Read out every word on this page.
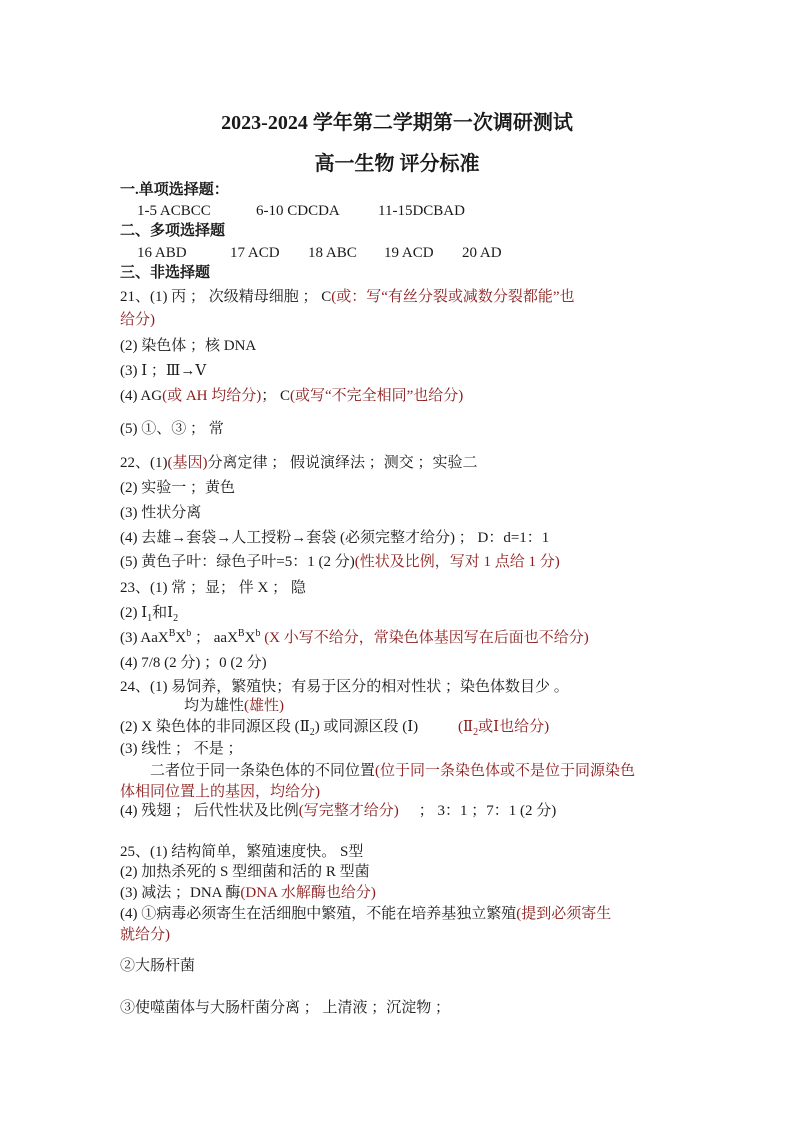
2023-2024 学年第二学期第一次调研测试
高一生物 评分标准
一.单项选择题：
1-5 ACBCC	6-10 CDCDA	11-15DCBAD
二、多项选择题
16 ABD	17 ACD 18 ABC 19 ACD 20 AD
三、非选择题
21、(1) 丙 ； 次级精母细胞 ； C(或：写“有丝分裂或减数分裂都能”也
给分)
(2) 染色体 ；核 DNA
(3) Ⅰ ；Ⅲ→Ⅴ
(4) AG(或 AH 均给分)； C(或写“不完全相同”也给分)
(5) ①、③ ； 常
22、(1)(基因)分离定律 ； 假说演绎法 ；测交 ；实验二
(2) 实验一 ；黄色
(3) 性状分离
(4) 去雄→套袋→人工授粉→套袋 (必须完整才给分) ； D：d=1：1
(5) 黄色子叶：绿色子叶=5：1 (2 分)(性状及比例，写对 1 点给 1 分)
23、(1) 常 ；显； 伴 X ； 隐
(2) $Ⅰ_1$和$Ⅰ_2$
(3) $AaX^BX^b$ ； $aaX^BX^b$ (X 小写不给分，常染色体基因写在后面也不给分)
(4) 7/8 (2 分) ；0 (2 分)
24、(1) 易饲养，繁殖快；有易于区分的相对性状 ；染色体数目少 。
均为雄性(雄性)
(2) X 染色体的非同源区段 $(Ⅱ_2)$ 或同源区段 (Ⅰ)	($Ⅱ_2$或Ⅰ也给分)
(3) 线性 ； 不是 ；
二者位于同一条染色体的不同位置(位于同一条染色体或不是位于同源染色
体相同位置上的基因，均给分)
(4) 残翅 ； 后代性状及比例(写完整才给分) ； 3：1 ；7：1 (2 分)
25、(1) 结构简单，繁殖速度快。 S型
(2) 加热杀死的 S 型细菌和活的 R 型菌
(3) 减法 ；DNA 酶(DNA 水解酶也给分)
(4) ①病毒必须寄生在活细胞中繁殖，不能在培养基独立繁殖(提到必须寄生
就给分)
②大肠杆菌
③使噬菌体与大肠杆菌分离 ； 上清液 ；沉淀物 ；
